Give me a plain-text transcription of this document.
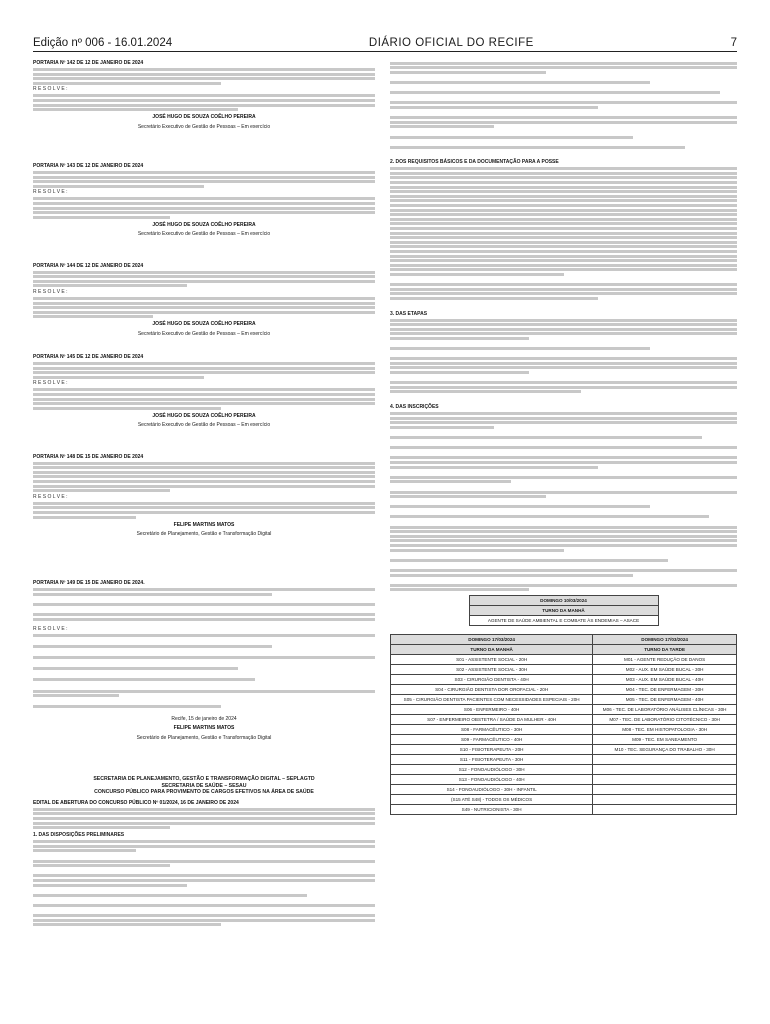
Edição nº 006 - 16.01.2024	DIÁRIO OFICIAL DO RECIFE	7
PORTARIA Nº 142 DE 12 DE JANEIRO DE 2024
R E S O L V E :
JOSÉ HUGO DE SOUZA COÊLHO PEREIRA
Secretário Executivo de Gestão de Pessoas – Em exercício
PORTARIA Nº 143 DE 12 DE JANEIRO DE 2024
R E S O L V E :
JOSÉ HUGO DE SOUZA COÊLHO PEREIRA
Secretário Executivo de Gestão de Pessoas – Em exercício
PORTARIA Nº 144 DE 12 DE JANEIRO DE 2024
R E S O L V E :
JOSÉ HUGO DE SOUZA COÊLHO PEREIRA
Secretário Executivo de Gestão de Pessoas – Em exercício
PORTARIA Nº 145 DE 12 DE JANEIRO DE 2024
R E S O L V E :
JOSÉ HUGO DE SOUZA COÊLHO PEREIRA
Secretário Executivo de Gestão de Pessoas – Em exercício
PORTARIA Nº 148 DE 15 DE JANEIRO DE 2024
R E S O L V E :
FELIPE MARTINS MATOS
Secretário de Planejamento, Gestão e Transformação Digital
PORTARIA Nº 149 DE 15 DE JANEIRO DE 2024.
R E S O L V E :
Recife, 15 de janeiro de 2024
FELIPE MARTINS MATOS
Secretário de Planejamento, Gestão e Transformação Digital
SECRETARIA DE PLANEJAMENTO, GESTÃO E TRANSFORMAÇÃO DIGITAL – SEPLAGTD
SECRETARIA DE SAÚDE – SESAU
CONCURSO PÚBLICO PARA PROVIMENTO DE CARGOS EFETIVOS NA ÁREA DE SAÚDE
EDITAL DE ABERTURA DO CONCURSO PÚBLICO Nº 01/2024, 16 DE JANEIRO DE 2024
1. DAS DISPOSIÇÕES PRELIMINARES
2. DOS REQUISITOS BÁSICOS E DA DOCUMENTAÇÃO PARA A POSSE
3. DAS ETAPAS
4. DAS INSCRIÇÕES
DOMINGO 10/03/2024
TURNO DA MANHÃ
AGENTE DE SAÚDE AMBIENTAL E COMBATE ÀS ENDEMIAS – ASACE
DOMINGO 17/03/2024	DOMINGO 17/03/2024
TURNO DA MANHÃ	TURNO DA TARDE
S01 - ASSISTENTE SOCIAL - 20H	M01 - AGENTE REDUÇÃO DE DANOS
S02 - ASSISTENTE SOCIAL - 30H	M02 - AUX. EM SAÚDE BUCAL - 30H
S03 - CIRURGIÃO DENTISTA - 40H	M03 - AUX. EM SAÚDE BUCAL - 40H
S04 - CIRURGIÃO DENTISTA DOR OROFACIAL - 20H	M04 - TEC. DE ENFERMAGEM - 30H
S05 - CIRURGIÃO DENTISTA PACIENTES COM NECESSIDADES ESPECIAIS - 20H	M05 - TEC. DE ENFERMAGEM - 40H
S06 - ENFERMEIRO - 40H	M06 - TEC. DE LABORATÓRIO ANÁLISES CLÍNICAS - 30H
S07 - ENFERMEIRO OBSTETRA / SAÚDE DA MULHER - 40H	M07 - TEC. DE LABORATÓRIO CITOTÉCNICO - 30H
S08 - FARMACÊUTICO - 30H	M08 - TEC. EM HISTOPATOLOGIA - 30H
S09 - FARMACÊUTICO - 40H	M09 - TEC. EM SANEAMENTO
S10 - FISIOTERAPEUTA - 20H	M10 - TEC. SEGURANÇA DO TRABALHO - 30H
S11 - FISIOTERAPEUTA - 30H	
S12 - FONOAUDIÓLOGO - 30H	
S13 - FONOAUDIÓLOGO - 40H	
S14 - FONOAUDIÓLOGO - 30H - INFANTIL	
(S15 ATÉ S48) - TODOS OS MÉDICOS	
S49 - NUTRICIONISTA - 30H	
